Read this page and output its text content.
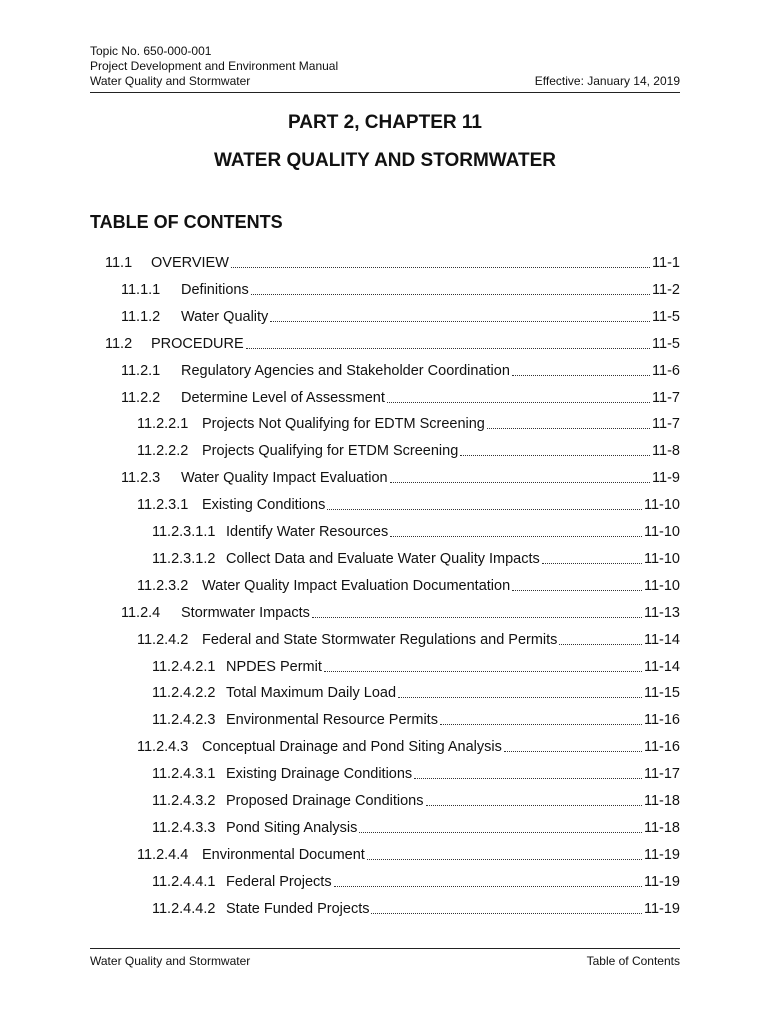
Topic No. 650-000-001
Project Development and Environment Manual
Water Quality and Stormwater	Effective: January 14, 2019
PART 2, CHAPTER 11
WATER QUALITY AND STORMWATER
TABLE OF CONTENTS
11.1	OVERVIEW	11-1
11.1.1	Definitions	11-2
11.1.2	Water Quality	11-5
11.2	PROCEDURE	11-5
11.2.1	Regulatory Agencies and Stakeholder Coordination	11-6
11.2.2	Determine Level of Assessment	11-7
11.2.2.1 Projects Not Qualifying for EDTM Screening	11-7
11.2.2.2 Projects Qualifying for ETDM Screening	11-8
11.2.3	Water Quality Impact Evaluation	11-9
11.2.3.1 Existing Conditions	11-10
11.2.3.1.1 Identify Water Resources	11-10
11.2.3.1.2 Collect Data and Evaluate Water Quality Impacts	11-10
11.2.3.2 Water Quality Impact Evaluation Documentation	11-10
11.2.4	Stormwater Impacts	11-13
11.2.4.2 Federal and State Stormwater Regulations and Permits	11-14
11.2.4.2.1 NPDES Permit	11-14
11.2.4.2.2 Total Maximum Daily Load	11-15
11.2.4.2.3 Environmental Resource Permits	11-16
11.2.4.3 Conceptual Drainage and Pond Siting Analysis	11-16
11.2.4.3.1 Existing Drainage Conditions	11-17
11.2.4.3.2 Proposed Drainage Conditions	11-18
11.2.4.3.3 Pond Siting Analysis	11-18
11.2.4.4 Environmental Document	11-19
11.2.4.4.1 Federal Projects	11-19
11.2.4.4.2 State Funded Projects	11-19
Water Quality and Stormwater	Table of Contents
